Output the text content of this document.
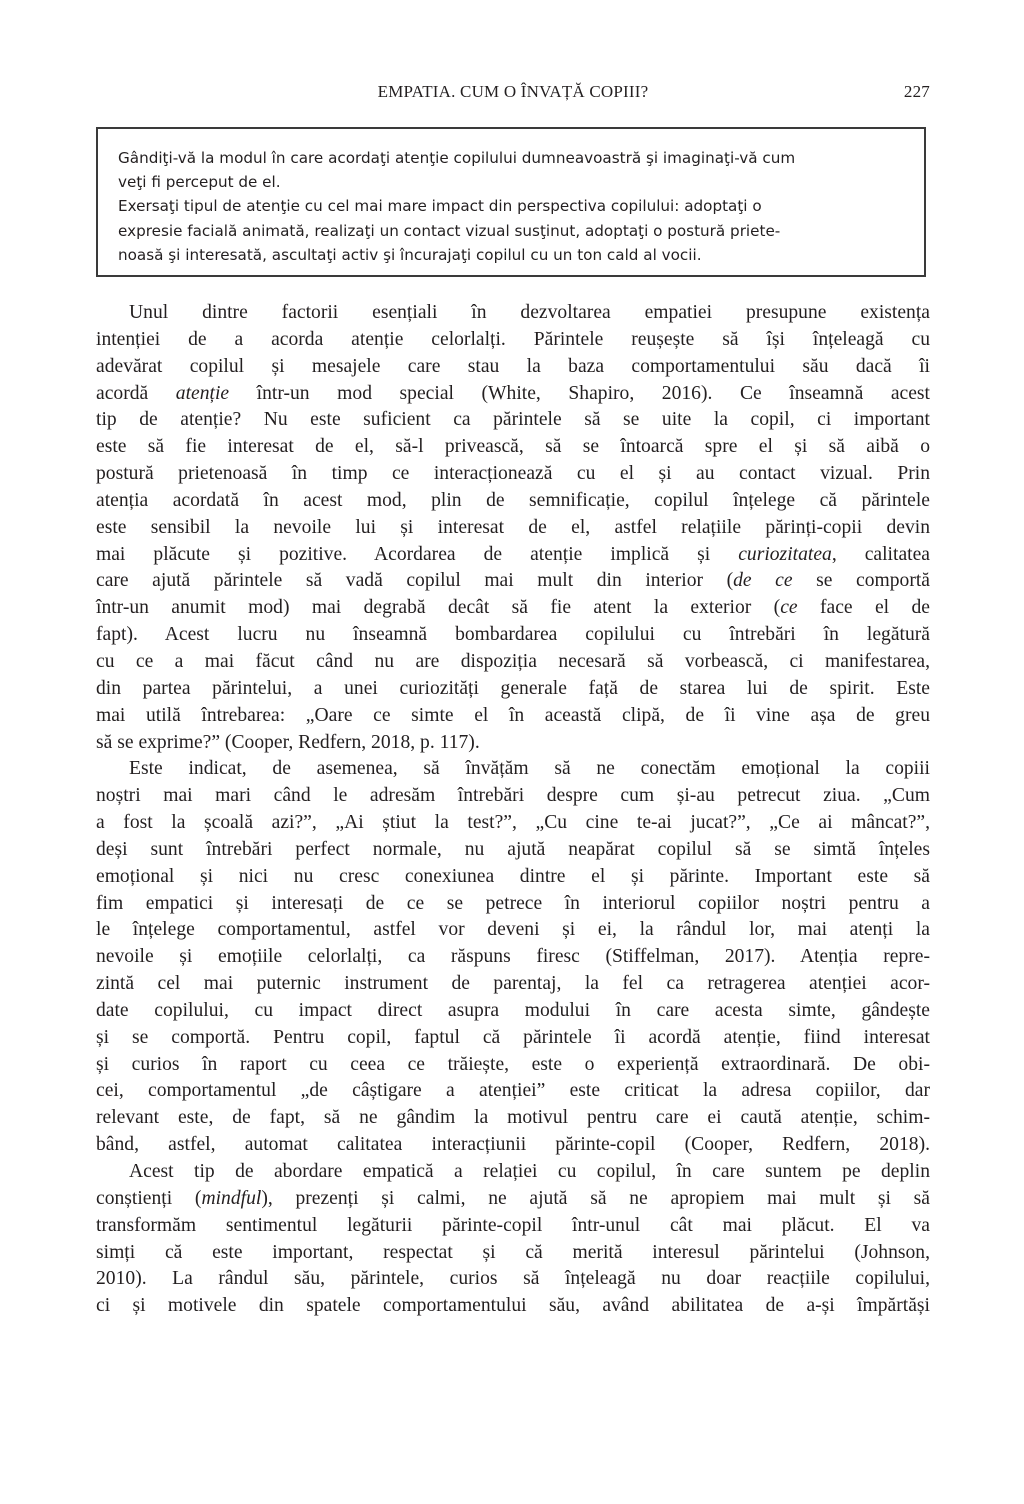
EMPATIA. CUM O ÎNVAȚĂ COPIII?	227

Gândiţi-vă la modul în care acordaţi atenţie copilului dumneavoastră şi imaginaţi-vă cum

veţi fi perceput de el.

Exersaţi tipul de atenţie cu cel mai mare impact din perspectiva copilului: adoptaţi o

expresie facială animată, realizaţi un contact vizual susţinut, adoptaţi o postură priete-

noasă şi interesată, ascultaţi activ şi încurajaţi copilul cu un ton cald al vocii.

Unul dintre factorii esențiali în dezvoltarea empatiei presupune existența
intenției de a acorda atenție celorlalți. Părintele reușește să își înțeleagă cu
adevărat copilul și mesajele care stau la baza comportamentului său dacă îi
acordă atenție într-un mod special (White, Shapiro, 2016). Ce înseamnă acest
tip de atenție? Nu este suficient ca părintele să se uite la copil, ci important
este să fie interesat de el, să-l privească, să se întoarcă spre el și să aibă o
postură prietenoasă în timp ce interacționează cu el și au contact vizual. Prin
atenția acordată în acest mod, plin de semnificație, copilul înțelege că părintele
este sensibil la nevoile lui și interesat de el, astfel relațiile părinți-copii devin
mai plăcute și pozitive. Acordarea de atenție implică și curiozitatea, calitatea
care ajută părintele să vadă copilul mai mult din interior (de ce se comportă
într-un anumit mod) mai degrabă decât să fie atent la exterior (ce face el de
fapt). Acest lucru nu înseamnă bombardarea copilului cu întrebări în legătură
cu ce a mai făcut când nu are dispoziția necesară să vorbească, ci manifestarea,
din partea părintelui, a unei curiozități generale față de starea lui de spirit. Este
mai utilă întrebarea: „Oare ce simte el în această clipă, de îi vine așa de greu
să se exprime?” (Cooper, Redfern, 2018, p. 117).
Este indicat, de asemenea, să învățăm să ne conectăm emoțional la copiii
noștri mai mari când le adresăm întrebări despre cum și-au petrecut ziua. „Cum
a fost la școală azi?”, „Ai știut la test?”, „Cu cine te-ai jucat?”, „Ce ai mâncat?”,
deși sunt întrebări perfect normale, nu ajută neapărat copilul să se simtă înțeles
emoțional și nici nu cresc conexiunea dintre el și părinte. Important este să
fim empatici și interesați de ce se petrece în interiorul copiilor noștri pentru a
le înțelege comportamentul, astfel vor deveni și ei, la rândul lor, mai atenți la
nevoile și emoțiile celorlalți, ca răspuns firesc (Stiffelman, 2017). Atenția repre-
zintă cel mai puternic instrument de parentaj, la fel ca retragerea atenției acor-
date copilului, cu impact direct asupra modului în care acesta simte, gândește
și se comportă. Pentru copil, faptul că părintele îi acordă atenție, fiind interesat
și curios în raport cu ceea ce trăiește, este o experiență extraordinară. De obi-
cei, comportamentul „de câștigare a atenției” este criticat la adresa copiilor, dar
relevant este, de fapt, să ne gândim la motivul pentru care ei caută atenție, schim-
bând, astfel, automat calitatea interacțiunii părinte-copil (Cooper, Redfern, 2018).
Acest tip de abordare empatică a relației cu copilul, în care suntem pe deplin
conștienți (mindful), prezenți și calmi, ne ajută să ne apropiem mai mult și să
transformăm sentimentul legăturii părinte-copil într-unul cât mai plăcut. El va
simți că este important, respectat și că merită interesul părintelui (Johnson,
2010). La rândul său, părintele, curios să înțeleagă nu doar reacțiile copilului,
ci și motivele din spatele comportamentului său, având abilitatea de a-și împărtăși
